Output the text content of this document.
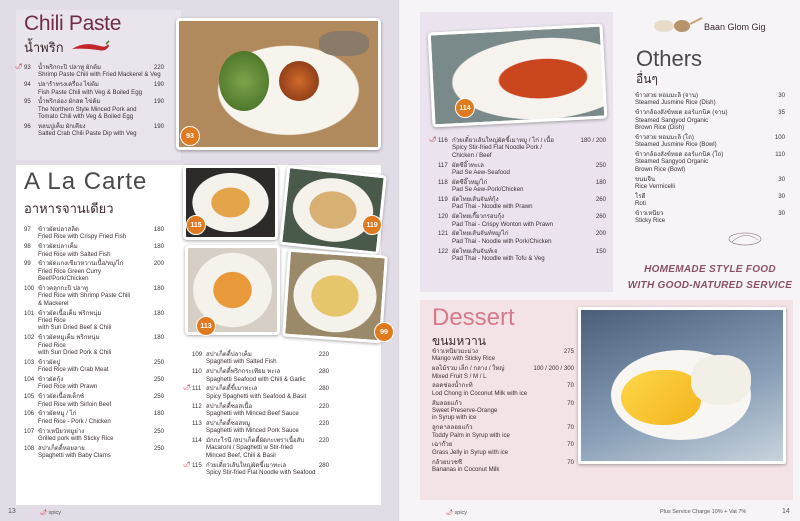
Chili Paste
น้ำพริก
🌶 93	น้ำพริกกะปิ ปลาทู ผักต้ม
Shrimp Paste Chili with Fried Mackerel & Veg
220
94	ปลาร้าทรงเครื่อง ไข่ต้ม
Fish Paste Chili with Veg & Boiled Egg
190
95	น้ำพริกอ่อง ผักสด ไข่ต้ม
The Northern Style Minced Pork and
Tomato Chili with Veg & Boiled Egg
190
96	หลนปูเค็ม ผักเคียง
Salted Crab Chili Paste Dip with Veg
190
A La Carte
อาหารจานเดียว
97	ข้าวผัดปลาสลิด
Fried Rice with Crispy Fried Fish
180
98	ข้าวผัดปลาเค็ม
Fried Rice with Salted Fish
180
99	ข้าวผัดแกงเขียวหวานเนื้อ/หมู/ไก่
Fried Rice Green Curry
Beef/Pork/Chicken
200
100 ข้าวคลุกกะปิ ปลาทู
Fried Rice with Shrimp Paste Chili
& Mackerel
180
101 ข้าวผัดเนื้อเค็ม พริกหนุ่ม
Fried Rice
with Sun Dried Beef & Chili
180
102 ข้าวผัดหมูเค็ม พริกหนุ่ม
Fried Rice
with Sun Dried Pork & Chili
180
103 ข้าวผัดปู
Fried Rice with Crab Meat
250
104 ข้าวผัดกุ้ง
Fried Rice with Prawn
250
105 ข้าวผัดเนื้อสเต็กซ์
Fried Rice with Sirloin Beef
250
106 ข้าวผัดหมู / ไก่
Fried Rice - Pork / Chicken
180
107 ข้าวเหนียวหมูย่าง
Grilled pork with Sticky Rice
250
108 สปาเก็ตตี้หอยลาย
Spaghetti with Baby Clams
250
109 สปาเก็ตตี้ปลาเค็ม
Spaghetti with Salted Fish
220
110 สปาเก็ตตี้พริกกระเทียม ทะเล
Spaghetti Seafood with Chili & Garlic
280
🌶 111 สปาเก็ตตี้ขี้เมาทะเล
Spicy Spaghetti with Seafood & Basil
280
112 สปาเก็ตตี้ซอสเนื้อ
Spaghetti with Minced Beef Sauce
220
113 สปาเก็ตตี้ซอสหมู
Spaghetti with Minced Pork Sauce
220
114 มักกะโรนี /สปาเก็ตตี้ผัดกะเพราเนื้อสับ
Macaroni / Spaghetti w Stir-fried
Minced Beef, Chili & Basil
220
🌶 115 ก๋วยเตี๋ยวเส้นใหญ่ผัดขี้เมาทะเล
Spicy Stir-fried Flat Noodle with Seafood
280
93
115	119
113
99
🌶 spicy
13
114
🌶 116 ก๋วยเตี๋ยวเส้นใหญ่ผัดขี้เมาหมู / ไก่ / เนื้อ
Spicy Stir-fried Flat Noodle Pork /
Chicken / Beef
180 / 200
117 ผัดซีอิ๊วทะเล
Pad Se Aew-Seafood
250
118 ผัดซีอิ๊วหมู/ไก่
Pad Se Aew-Pork/Chicken
180
119 ผัดไทยเส้นจันท์กุ้ง
Pad Thai - Noodle with Prawn
260
120 ผัดไทยเกี๊ยวกรอบกุ้ง
Pad Thai - Crispy Wonton with Prawn
260
121 ผัดไทยเส้นจันท์หมู/ไก่
Pad Thai - Noodle with Pork/Chicken
200
122 ผัดไทยเส้นจันท์เจ
Pad Thai - Noodle with Tofu & Veg
150
Baan Glom Gig
Others
อื่นๆ
ข้าวสวย หอมมะลิ (จาน)
Steamed Jusmine Rice (Dish)
30
ข้าวกล้องสังข์หยด ออร์แกนิค (จาน)
Steamed Sangyod Organic
Brown Rice (Dish)
35
ข้าวสวย หอมมะลิ (โถ)
Steamed Jusmine Rice (Bowl)
100
ข้าวกล้องสังข์หยด ออร์แกนิค (โถ)
Steamed Sangyod Organic
Brown Rice (Bowl)
110
ขนมจีน
Rice Vermicelli
30
โรตี
Roti
30
ข้าวเหนียว
Sticky Rice
30
HOMEMADE STYLE FOOD
WITH GOOD-NATURED SERVICE
Dessert
ขนมหวาน
ข้าวเหนียวมะม่วง
Mango with Sticky Rice
275
ผลไม้รวม เล็ก / กลาง / ใหญ่
Mixed Fruit S / M / L
100 / 200 / 300
ลอดช่องน้ำกะทิ
Lod Chong in Coconut Milk with ice
70
ส้มลอยแก้ว
Sweet Preserve-Orange
in Syrup with ice
70
ลูกตาลลอยแก้ว
Toddy Palm in Syrup with ice
70
เฉาก๊วย
Grass Jelly in Syrup with ice
70
กล้วยบวชชี
Bananas in Coconut Milk
70
🌶 spicy	Plus Service Charge 10% + Vat 7%	14
